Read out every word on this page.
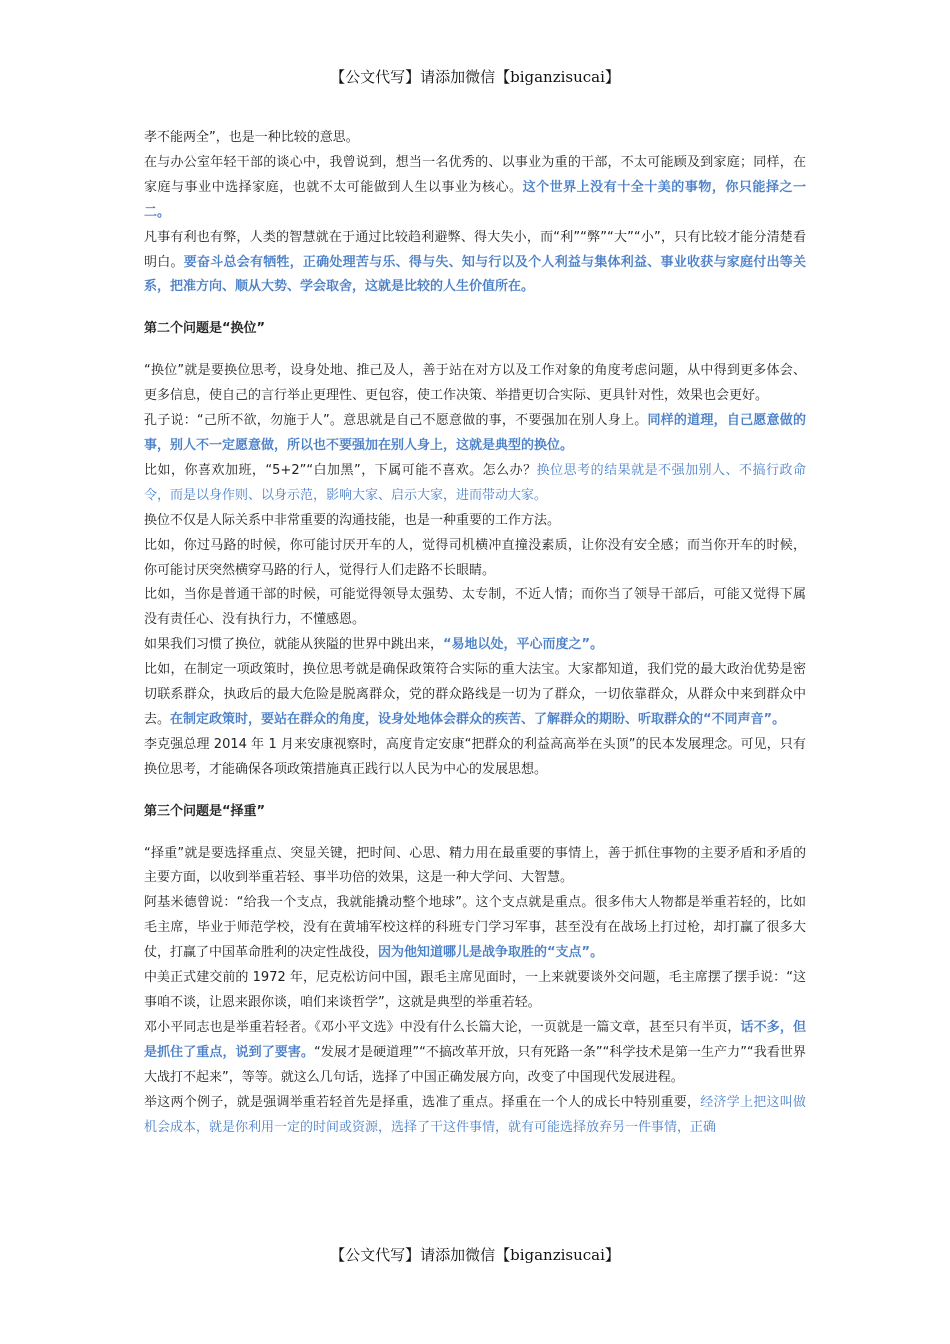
【公文代写】请添加微信【biganzisucai】

孝不能两全”，也是一种比较的意思。

在与办公室年轻干部的谈心中，我曾说到，想当一名优秀的、以事业为重的干部，不太可能顾及到家庭；同样，在家庭与事业中选择家庭，也就不太可能做到人生以事业为核心。这个世界上没有十全十美的事物，你只能择之一二。

凡事有利也有弊，人类的智慧就在于通过比较趋利避弊、得大失小，而“利”“弊”“大”“小”，只有比较才能分清楚看明白。要奋斗总会有牺牲，正确处理苦与乐、得与失、知与行以及个人利益与集体利益、事业收获与家庭付出等关系，把准方向、顺从大势、学会取舍，这就是比较的人生价值所在。

第二个问题是“换位”

“换位”就是要换位思考，设身处地、推己及人，善于站在对方以及工作对象的角度考虑问题，从中得到更多体会、更多信息，使自己的言行举止更理性、更包容，使工作决策、举措更切合实际、更具针对性，效果也会更好。

孔子说：“己所不欲，勿施于人”。意思就是自己不愿意做的事，不要强加在别人身上。同样的道理，自己愿意做的事，别人不一定愿意做，所以也不要强加在别人身上，这就是典型的换位。

比如，你喜欢加班，“5+2”“白加黑”，下属可能不喜欢。怎么办？换位思考的结果就是不强加别人、不搞行政命令，而是以身作则、以身示范，影响大家、启示大家，进而带动大家。

换位不仅是人际关系中非常重要的沟通技能，也是一种重要的工作方法。

比如，你过马路的时候，你可能讨厌开车的人，觉得司机横冲直撞没素质，让你没有安全感；而当你开车的时候，你可能讨厌突然横穿马路的行人，觉得行人们走路不长眼睛。

比如，当你是普通干部的时候，可能觉得领导太强势、太专制，不近人情；而你当了领导干部后，可能又觉得下属没有责任心、没有执行力，不懂感恩。

如果我们习惯了换位，就能从狭隘的世界中跳出来，“易地以处，平心而度之”。

比如，在制定一项政策时，换位思考就是确保政策符合实际的重大法宝。大家都知道，我们党的最大政治优势是密切联系群众，执政后的最大危险是脱离群众，党的群众路线是一切为了群众，一切依靠群众，从群众中来到群众中去。在制定政策时，要站在群众的角度，设身处地体会群众的疾苦、了解群众的期盼、听取群众的“不同声音”。

李克强总理 2014 年 1 月来安康视察时，高度肯定安康“把群众的利益高高举在头顶”的民本发展理念。可见，只有换位思考，才能确保各项政策措施真正践行以人民为中心的发展思想。

第三个问题是“择重”

“择重”就是要选择重点、突显关键，把时间、心思、精力用在最重要的事情上，善于抓住事物的主要矛盾和矛盾的主要方面，以收到举重若轻、事半功倍的效果，这是一种大学问、大智慧。

阿基米德曾说：“给我一个支点，我就能撬动整个地球”。这个支点就是重点。很多伟大人物都是举重若轻的，比如毛主席，毕业于师范学校，没有在黄埔军校这样的科班专门学习军事，甚至没有在战场上打过枪，却打赢了很多大仗，打赢了中国革命胜利的决定性战役，因为他知道哪儿是战争取胜的“支点”。

中美正式建交前的 1972 年，尼克松访问中国，跟毛主席见面时，一上来就要谈外交问题，毛主席摆了摆手说：“这事咱不谈，让恩来跟你谈，咱们来谈哲学”，这就是典型的举重若轻。

邓小平同志也是举重若轻者。《邓小平文选》中没有什么长篇大论，一页就是一篇文章，甚至只有半页，话不多，但是抓住了重点，说到了要害。“发展才是硬道理”“不搞改革开放，只有死路一条”“科学技术是第一生产力”“我看世界大战打不起来”，等等。就这么几句话，选择了中国正确发展方向，改变了中国现代发展进程。

举这两个例子，就是强调举重若轻首先是择重，选准了重点。择重在一个人的成长中特别重要，经济学上把这叫做机会成本，就是你利用一定的时间或资源，选择了干这件事情，就有可能选择放弃另一件事情，正确

【公文代写】请添加微信【biganzisucai】
